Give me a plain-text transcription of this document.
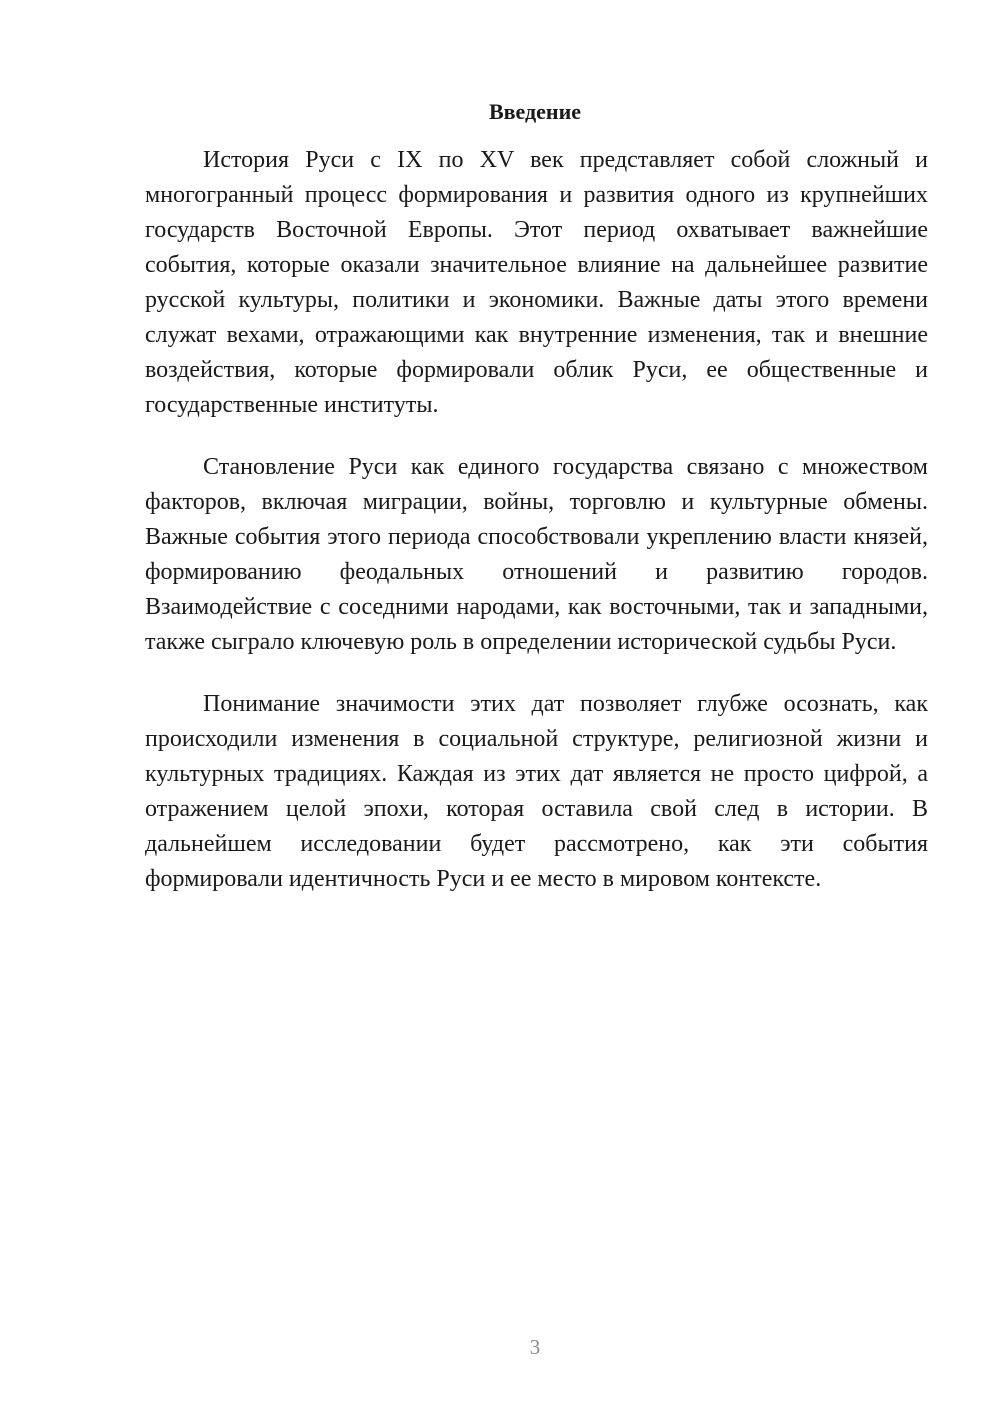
Введение

История Руси с IX по XV век представляет собой сложный и многогранный процесс формирования и развития одного из крупнейших государств Восточной Европы. Этот период охватывает важнейшие события, которые оказали значительное влияние на дальнейшее развитие русской культуры, политики и экономики. Важные даты этого времени служат вехами, отражающими как внутренние изменения, так и внешние воздействия, которые формировали облик Руси, ее общественные и государственные институты.

Становление Руси как единого государства связано с множеством факторов, включая миграции, войны, торговлю и культурные обмены. Важные события этого периода способствовали укреплению власти князей, формированию феодальных отношений и развитию городов. Взаимодействие с соседними народами, как восточными, так и западными, также сыграло ключевую роль в определении исторической судьбы Руси.

Понимание значимости этих дат позволяет глубже осознать, как происходили изменения в социальной структуре, религиозной жизни и культурных традициях. Каждая из этих дат является не просто цифрой, а отражением целой эпохи, которая оставила свой след в истории. В дальнейшем исследовании будет рассмотрено, как эти события формировали идентичность Руси и ее место в мировом контексте.

3
